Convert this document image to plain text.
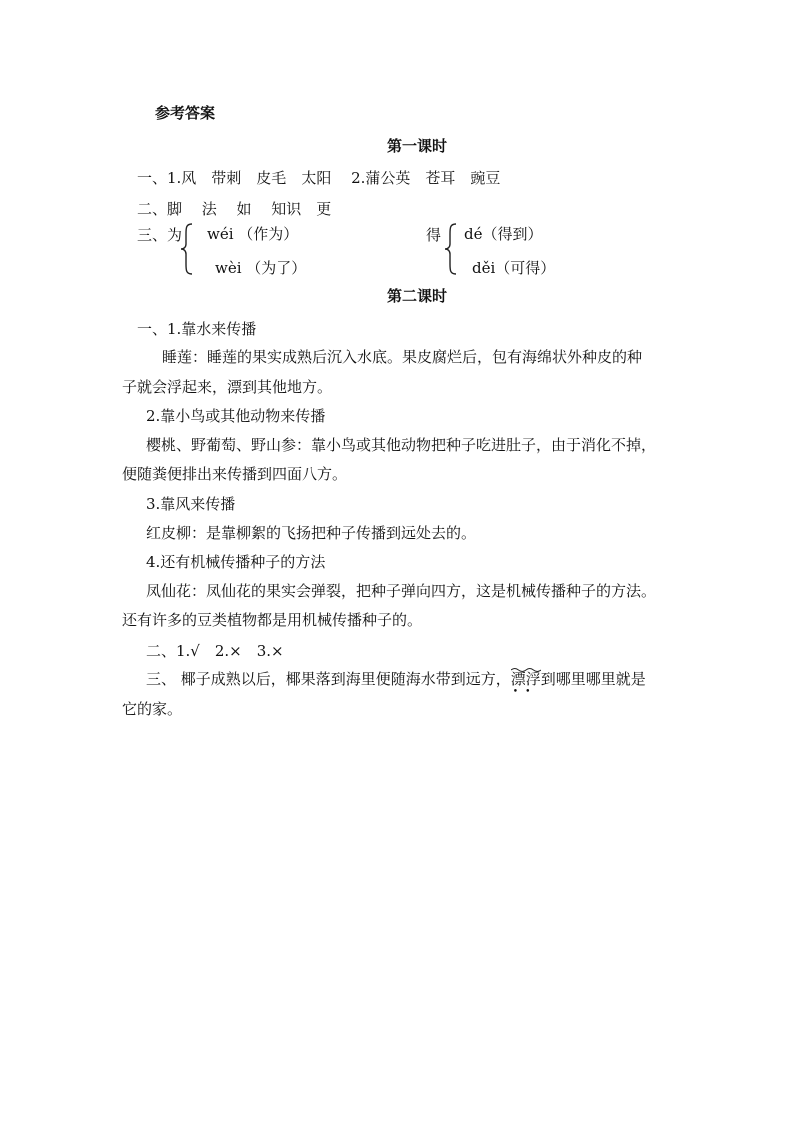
参考答案
第一课时
一、1.风　带刺　皮毛　太阳　 2.蒲公英　苍耳　豌豆
二、脚　 法　 如　 知识　更
三、为 wéi （作为）
wèi （为了）
得 dé（得到）
děi（可得）
第二课时
一、1.靠水来传播
睡莲：睡莲的果实成熟后沉入水底。果皮腐烂后，包有海绵状外种皮的种
子就会浮起来，漂到其他地方。
2.靠小鸟或其他动物来传播
樱桃、野葡萄、野山参：靠小鸟或其他动物把种子吃进肚子，由于消化不掉，
便随粪便排出来传播到四面八方。
3.靠风来传播
红皮柳：是靠柳絮的飞扬把种子传播到远处去的。
4.还有机械传播种子的方法
凤仙花：凤仙花的果实会弹裂，把种子弹向四方，这是机械传播种子的方法。
还有许多的豆类植物都是用机械传播种子的。
二、1.√　2.×　3.×
三、 椰子成熟以后，椰果落到海里便随海水带到远方，
漂浮
••
到哪里哪里就是
它的家。
